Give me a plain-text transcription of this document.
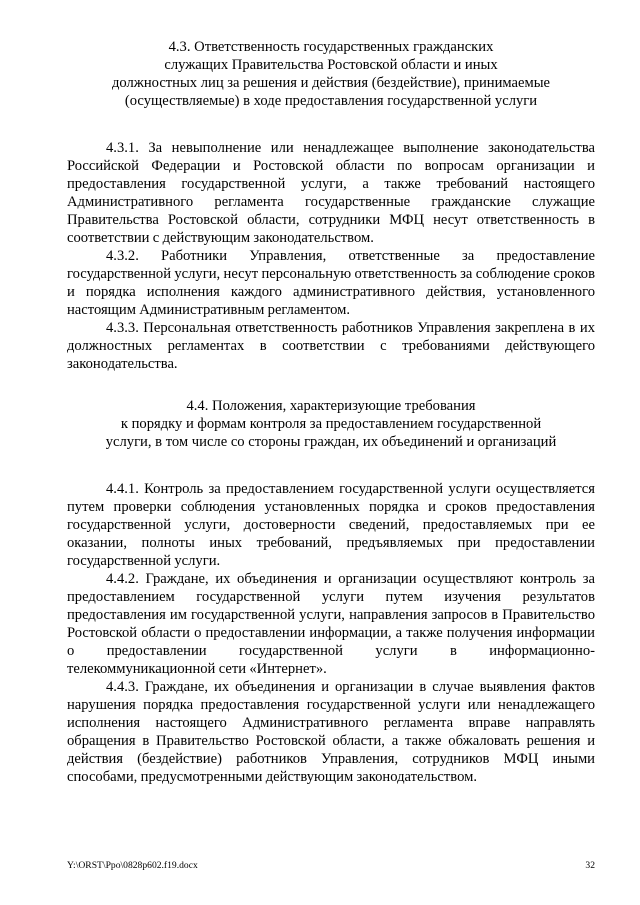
4.3. Ответственность государственных гражданских
служащих Правительства Ростовской области и иных
должностных лиц за решения и действия (бездействие), принимаемые
(осуществляемые) в ходе предоставления государственной услуги

4.3.1. За невыполнение или ненадлежащее выполнение законодательства Российской Федерации и Ростовской области по вопросам организации и предоставления государственной услуги, а также требований настоящего Административного регламента государственные гражданские служащие Правительства Ростовской области, сотрудники МФЦ несут ответственность в соответствии с действующим законодательством.

4.3.2. Работники Управления, ответственные за предоставление государственной услуги, несут персональную ответственность за соблюдение сроков и порядка исполнения каждого административного действия, установленного настоящим Административным регламентом.

4.3.3. Персональная ответственность работников Управления закреплена в их должностных регламентах в соответствии с требованиями действующего законодательства.

4.4. Положения, характеризующие требования
к порядку и формам контроля за предоставлением государственной
услуги, в том числе со стороны граждан, их объединений и организаций

4.4.1. Контроль за предоставлением государственной услуги осуществляется путем проверки соблюдения установленных порядка и сроков предоставления государственной услуги, достоверности сведений, предоставляемых при ее оказании, полноты иных требований, предъявляемых при предоставлении государственной услуги.

4.4.2. Граждане, их объединения и организации осуществляют контроль за предоставлением государственной услуги путем изучения результатов предоставления им государственной услуги, направления запросов в Правительство Ростовской области о предоставлении информации, а также получения информации о предоставлении государственной услуги в информационно-телекоммуникационной сети «Интернет».

4.4.3. Граждане, их объединения и организации в случае выявления фактов нарушения порядка предоставления государственной услуги или ненадлежащего исполнения настоящего Административного регламента вправе направлять обращения в Правительство Ростовской области, а также обжаловать решения и действия (бездействие) работников Управления, сотрудников МФЦ иными способами, предусмотренными действующим законодательством.

Y:\ORST\Ppo\0828p602.f19.docx	32
